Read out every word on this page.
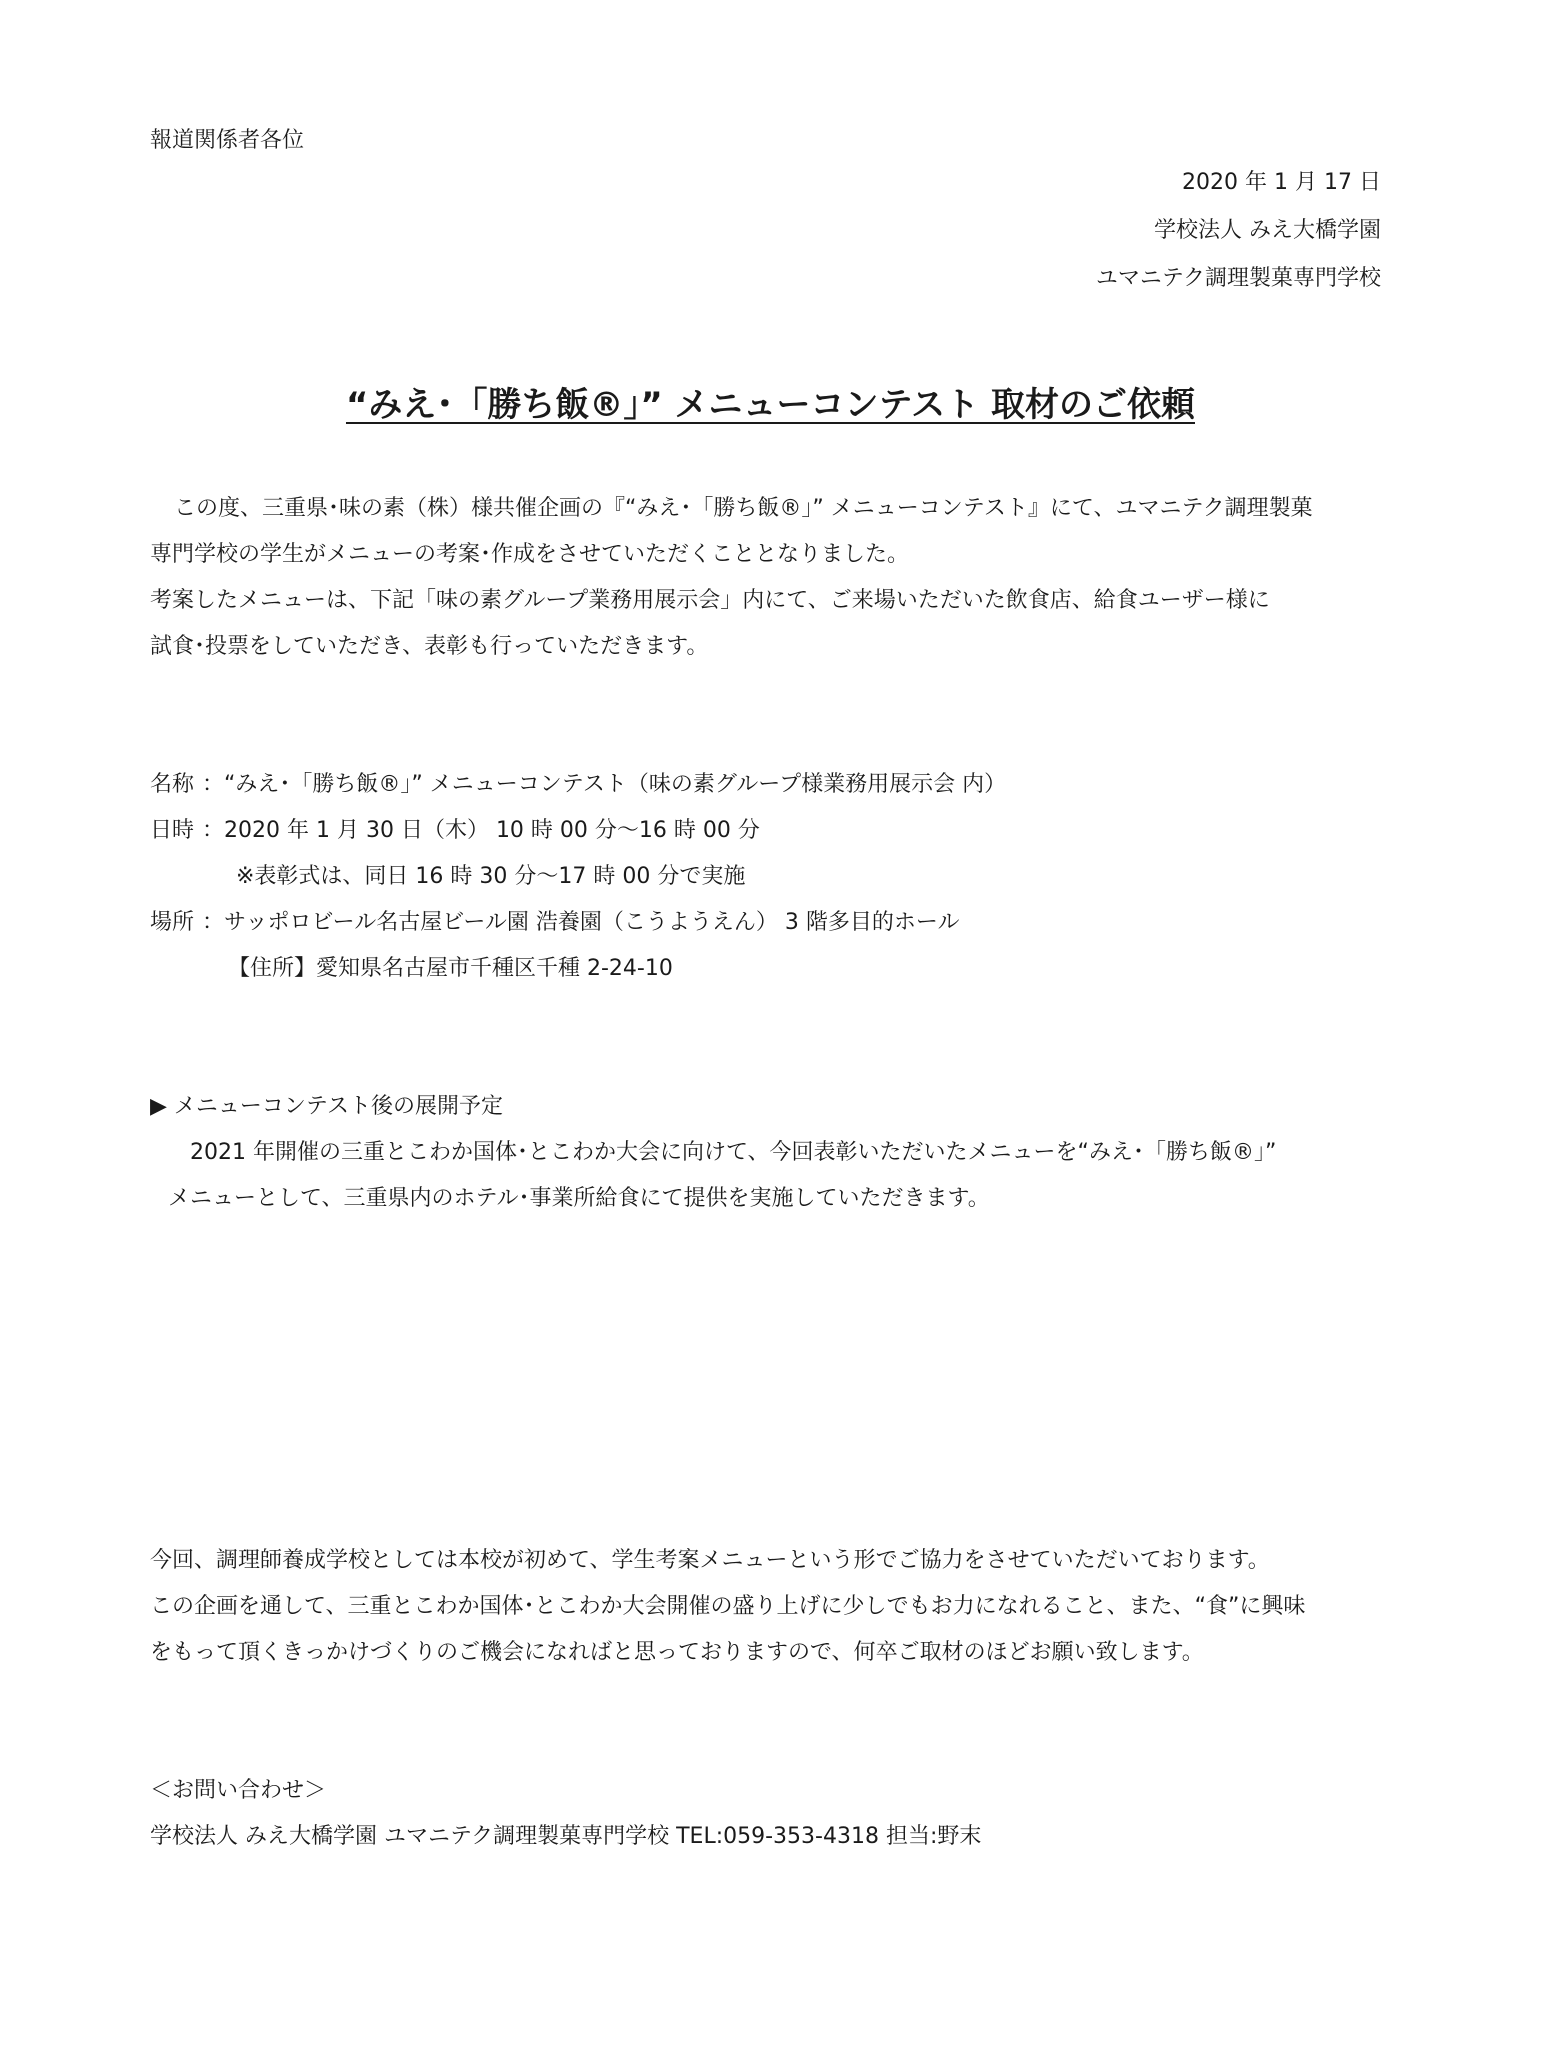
報道関係者各位

2020 年 1 月 17 日

学校法人 みえ大橋学園

ユマニテク調理製菓専門学校

“みえ･「勝ち飯®」” メニューコンテスト 取材のご依頼

この度、三重県･味の素（株）様共催企画の『“みえ･「勝ち飯®」” メニューコンテスト』にて、ユマニテク調理製菓

専門学校の学生がメニューの考案･作成をさせていただくこととなりました。

考案したメニューは、下記「味の素グループ業務用展示会」内にて、ご来場いただいた飲食店、給食ユーザー様に

試食･投票をしていただき、表彰も行っていただきます。

名称 ：“みえ･「勝ち飯®」” メニューコンテスト（味の素グループ様業務用展示会 内）

日時 ：2020 年 1 月 30 日（木） 10 時 00 分～16 時 00 分

※表彰式は、同日 16 時 30 分～17 時 00 分で実施

場所 ：サッポロビール名古屋ビール園 浩養園（こうようえん） 3 階多目的ホール

【住所】愛知県名古屋市千種区千種 2-24-10

▶ メニューコンテスト後の展開予定

2021 年開催の三重とこわか国体･とこわか大会に向けて、今回表彰いただいたメニューを“みえ･「勝ち飯®」”

メニューとして、三重県内のホテル･事業所給食にて提供を実施していただきます。

今回、調理師養成学校としては本校が初めて、学生考案メニューという形でご協力をさせていただいております。

この企画を通して、三重とこわか国体･とこわか大会開催の盛り上げに少しでもお力になれること、また、“食”に興味

をもって頂くきっかけづくりのご機会になればと思っておりますので、何卒ご取材のほどお願い致します。

＜お問い合わせ＞

学校法人 みえ大橋学園 ユマニテク調理製菓専門学校 TEL:059-353-4318 担当:野末
